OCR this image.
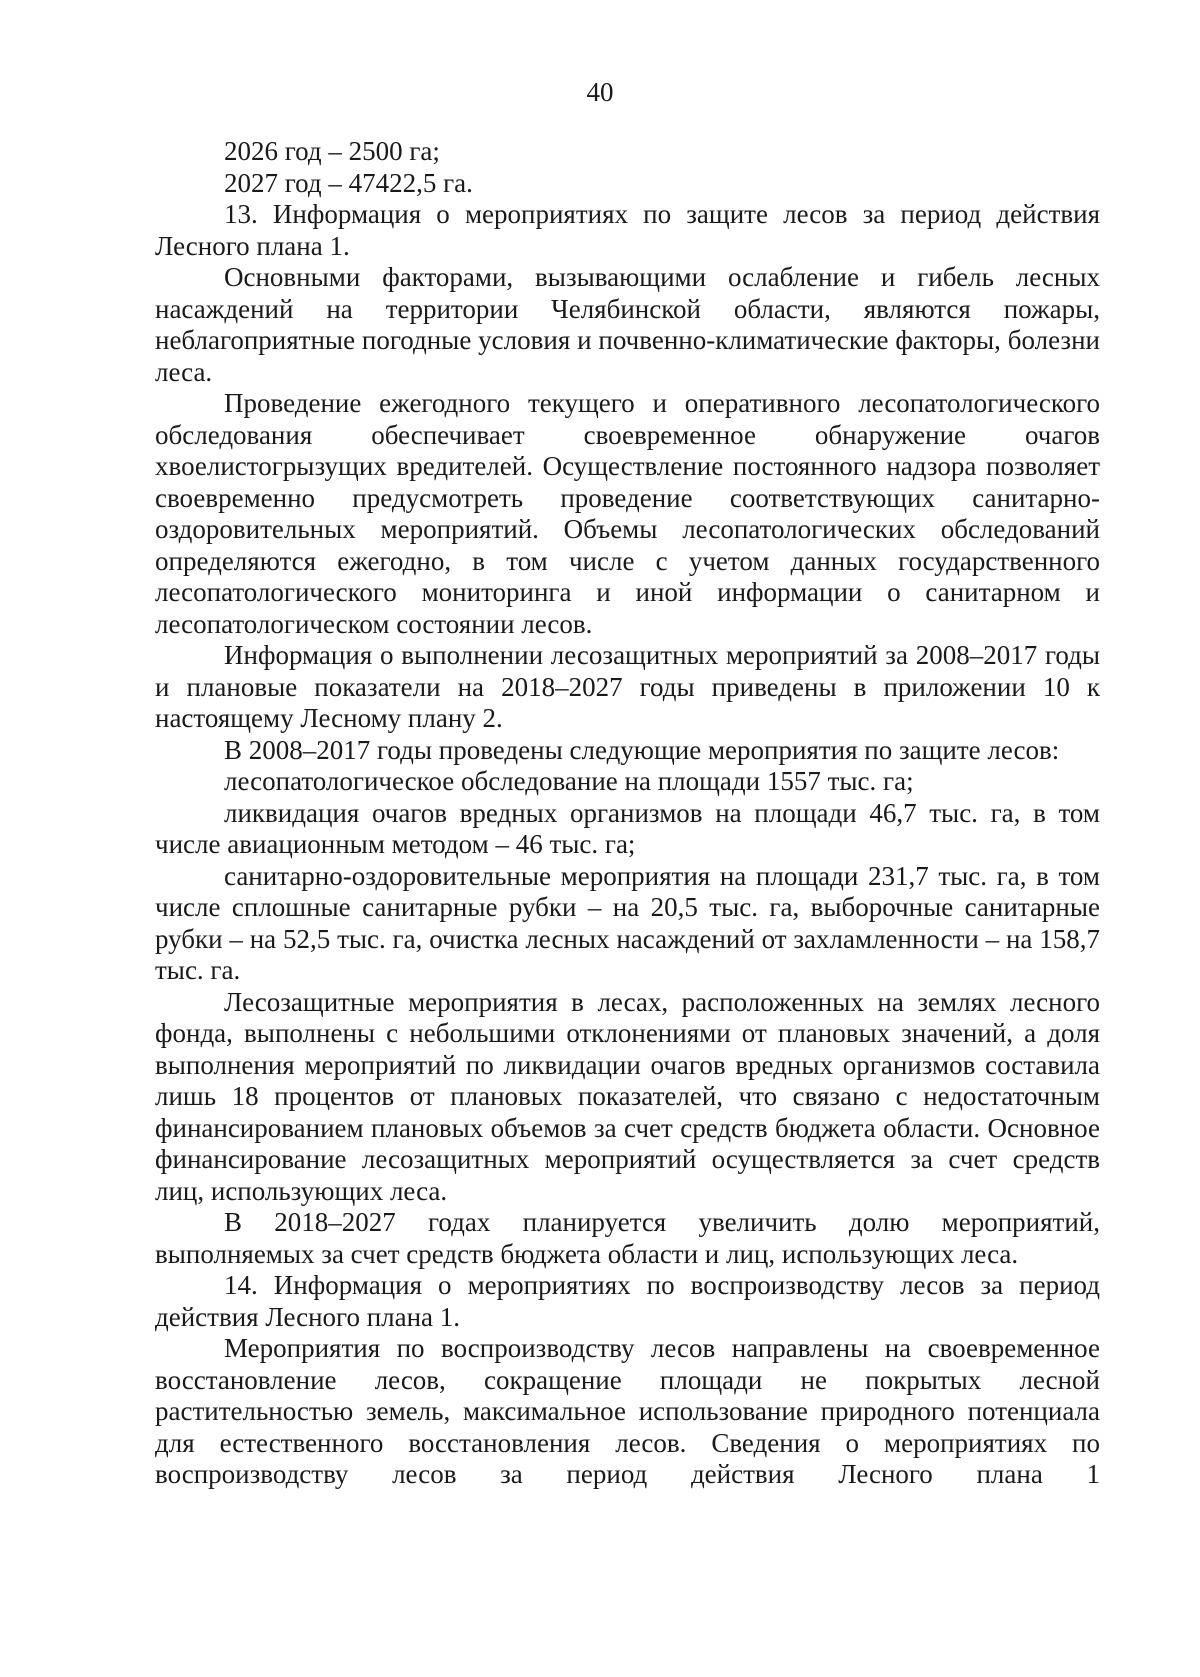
40

2026 год – 2500 га;

2027 год – 47422,5 га.

13. Информация о мероприятиях по защите лесов за период действия Лесного плана 1.

Основными факторами, вызывающими ослабление и гибель лесных насаждений на территории Челябинской области, являются пожары, неблагоприятные погодные условия и почвенно-климатические факторы, болезни леса.

Проведение ежегодного текущего и оперативного лесопатологического обследования обеспечивает своевременное обнаружение очагов хвоелистогрызущих вредителей. Осуществление постоянного надзора позволяет своевременно предусмотреть проведение соответствующих санитарно-оздоровительных мероприятий. Объемы лесопатологических обследований определяются ежегодно, в том числе с учетом данных государственного лесопатологического мониторинга и иной информации о санитарном и лесопатологическом состоянии лесов.

Информация о выполнении лесозащитных мероприятий за 2008–2017 годы и плановые показатели на 2018–2027 годы приведены в приложении 10 к настоящему Лесному плану 2.

В 2008–2017 годы проведены следующие мероприятия по защите лесов:

лесопатологическое обследование на площади 1557 тыс. га;

ликвидация очагов вредных организмов на площади 46,7 тыс. га, в том числе авиационным методом – 46 тыс. га;

санитарно-оздоровительные мероприятия на площади 231,7 тыс. га, в том числе сплошные санитарные рубки – на 20,5 тыс. га, выборочные санитарные рубки – на 52,5 тыс. га, очистка лесных насаждений от захламленности – на 158,7 тыс. га.

Лесозащитные мероприятия в лесах, расположенных на землях лесного фонда, выполнены с небольшими отклонениями от плановых значений, а доля выполнения мероприятий по ликвидации очагов вредных организмов составила лишь 18 процентов от плановых показателей, что связано с недостаточным финансированием плановых объемов за счет средств бюджета области. Основное финансирование лесозащитных мероприятий осуществляется за счет средств лиц, использующих леса.

В 2018–2027 годах планируется увеличить долю мероприятий, выполняемых за счет средств бюджета области и лиц, использующих леса.

14. Информация о мероприятиях по воспроизводству лесов за период действия Лесного плана 1.

Мероприятия по воспроизводству лесов направлены на своевременное восстановление лесов, сокращение площади не покрытых лесной растительностью земель, максимальное использование природного потенциала для естественного восстановления лесов. Сведения о мероприятиях по воспроизводству лесов за период действия Лесного плана 1
